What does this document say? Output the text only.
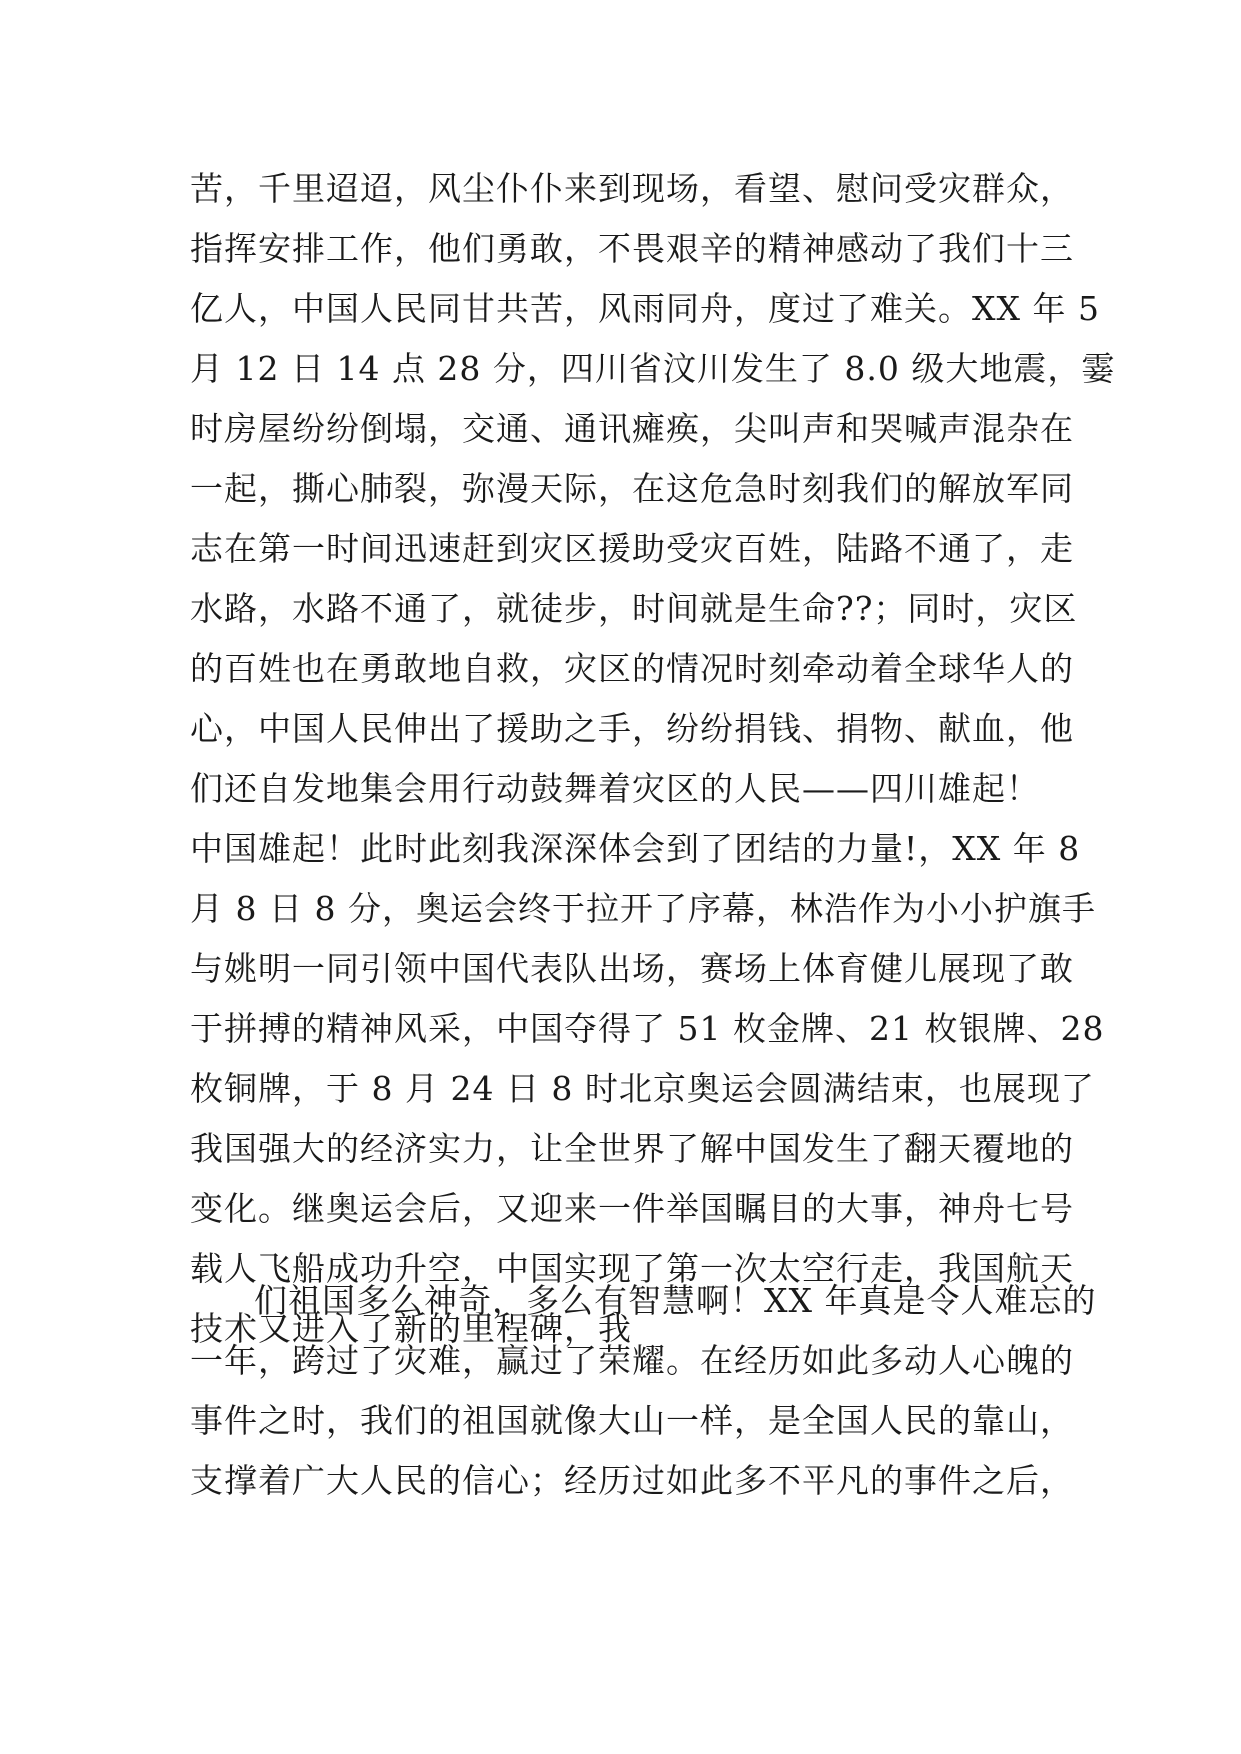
苦，千里迢迢，风尘仆仆来到现场，看望、慰问受灾群众，
指挥安排工作，他们勇敢，不畏艰辛的精神感动了我们十三
亿人，中国人民同甘共苦，风雨同舟，度过了难关。XX 年 5
月 12 日 14 点 28 分，四川省汶川发生了 8.0 级大地震，霎
时房屋纷纷倒塌，交通、通讯瘫痪，尖叫声和哭喊声混杂在
一起，撕心肺裂，弥漫天际，在这危急时刻我们的解放军同
志在第一时间迅速赶到灾区援助受灾百姓，陆路不通了，走
水路，水路不通了，就徒步，时间就是生命??；同时，灾区
的百姓也在勇敢地自救，灾区的情况时刻牵动着全球华人的
心，中国人民伸出了援助之手，纷纷捐钱、捐物、献血，他
们还自发地集会用行动鼓舞着灾区的人民——四川雄起！
中国雄起！此时此刻我深深体会到了团结的力量!，XX 年 8
月 8 日 8 分，奥运会终于拉开了序幕，林浩作为小小护旗手
与姚明一同引领中国代表队出场，赛场上体育健儿展现了敢
于拼搏的精神风采，中国夺得了 51 枚金牌、21 枚银牌、28
枚铜牌，于 8 月 24 日 8 时北京奥运会圆满结束，也展现了
我国强大的经济实力，让全世界了解中国发生了翻天覆地的
变化。继奥运会后，又迎来一件举国瞩目的大事，神舟七号
载人飞船成功升空，中国实现了第一次太空行走，我国航天
技术又进入了新的里程碑，我
们祖国多么神奇，多么有智慧啊！XX 年真是令人难忘的
一年，跨过了灾难，赢过了荣耀。在经历如此多动人心魄的
事件之时，我们的祖国就像大山一样，是全国人民的靠山，
支撑着广大人民的信心；经历过如此多不平凡的事件之后，
